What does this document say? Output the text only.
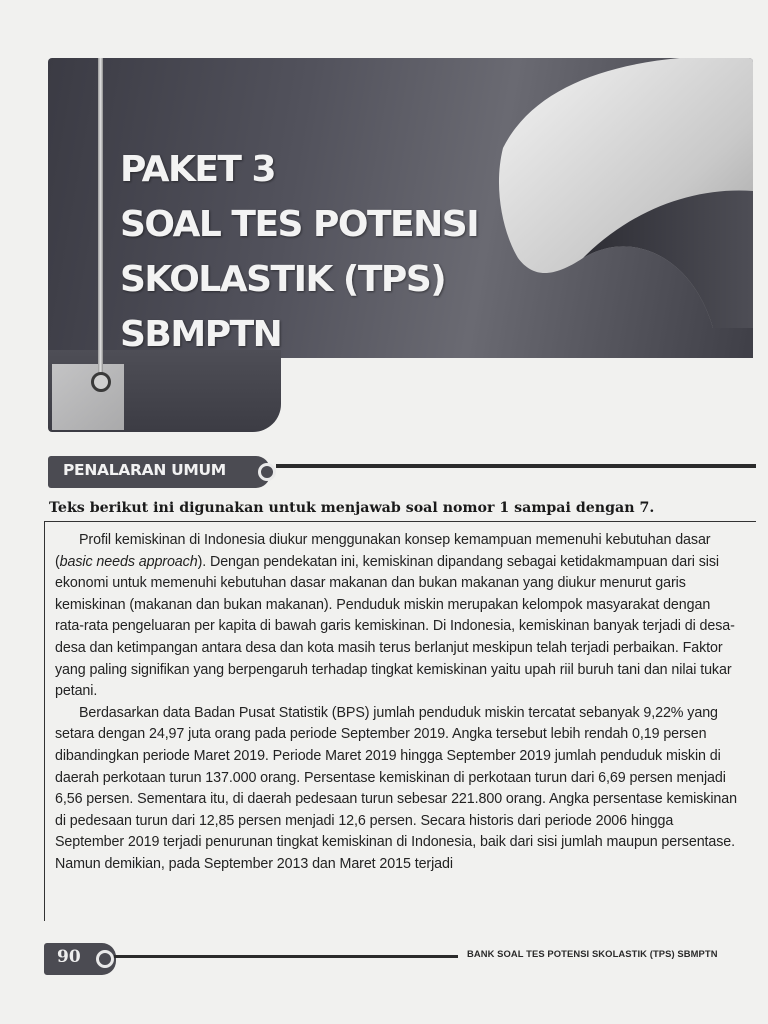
PAKET 3
SOAL TES POTENSI
SKOLASTIK (TPS)
SBMPTN
PENALARAN UMUM

Teks berikut ini digunakan untuk menjawab soal nomor 1 sampai dengan 7.

Profil kemiskinan di Indonesia diukur menggunakan konsep kemampuan memenuhi kebutuhan dasar (basic needs approach). Dengan pendekatan ini, kemiskinan dipandang sebagai ketidakmampuan dari sisi ekonomi untuk memenuhi kebutuhan dasar makanan dan bukan makanan yang diukur menurut garis kemiskinan (makanan dan bukan makanan). Penduduk miskin merupakan kelompok masyarakat dengan rata-rata pengeluaran per kapita di bawah garis kemiskinan. Di Indonesia, kemiskinan banyak terjadi di desa-desa dan ketimpangan antara desa dan kota masih terus berlanjut meskipun telah terjadi perbaikan. Faktor yang paling signifikan yang berpengaruh terhadap tingkat kemiskinan yaitu upah riil buruh tani dan nilai tukar petani.

Berdasarkan data Badan Pusat Statistik (BPS) jumlah penduduk miskin tercatat sebanyak 9,22% yang setara dengan 24,97 juta orang pada periode September 2019. Angka tersebut lebih rendah 0,19 persen dibandingkan periode Maret 2019. Periode Maret 2019 hingga September 2019 jumlah penduduk miskin di daerah perkotaan turun 137.000 orang. Persentase kemiskinan di perkotaan turun dari 6,69 persen menjadi 6,56 persen. Sementara itu, di daerah pedesaan turun sebesar 221.800 orang. Angka persentase kemiskinan di pedesaan turun dari 12,85 persen menjadi 12,6 persen. Secara historis dari periode 2006 hingga September 2019 terjadi penurunan tingkat kemiskinan di Indonesia, baik dari sisi jumlah maupun persentase. Namun demikian, pada September 2013 dan Maret 2015 terjadi

90	BANK SOAL TES POTENSI SKOLASTIK (TPS) SBMPTN
